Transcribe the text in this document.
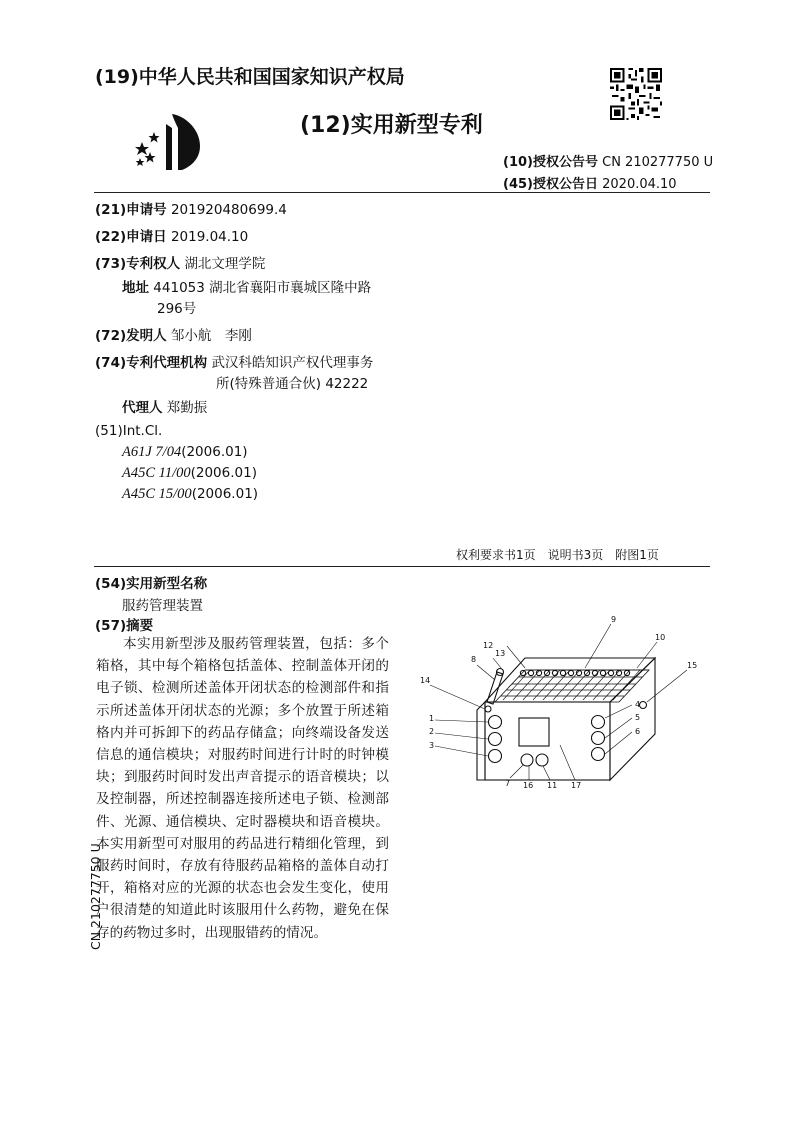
(19)中华人民共和国国家知识产权局
(12)实用新型专利
(10)授权公告号 CN 210277750 U
(45)授权公告日 2020.04.10
(21)申请号 201920480699.4
(22)申请日 2019.04.10
(73)专利权人 湖北文理学院
地址 441053 湖北省襄阳市襄城区隆中路
296号
(72)发明人 邹小航　李刚
(74)专利代理机构 武汉科皓知识产权代理事务
所(特殊普通合伙) 42222
代理人 郑勤振
(51)Int.Cl.
A61J 7/04(2006.01)
A45C 11/00(2006.01)
A45C 15/00(2006.01)
权利要求书1页　说明书3页　附图1页
(54)实用新型名称
服药管理装置
(57)摘要
本实用新型涉及服药管理装置，包括：多个箱格，其中每个箱格包括盖体、控制盖体开闭的电子锁、检测所述盖体开闭状态的检测部件和指示所述盖体开闭状态的光源；多个放置于所述箱格内并可拆卸下的药品存储盒；向终端设备发送信息的通信模块；对服药时间进行计时的时钟模块；到服药时间时发出声音提示的语音模块；以及控制器，所述控制器连接所述电子锁、检测部件、光源、通信模块、定时器模块和语音模块。本实用新型可对服用的药品进行精细化管理，到服药时间时，存放有待服药品箱格的盖体自动打开，箱格对应的光源的状态也会发生变化，使用户很清楚的知道此时该服用什么药物，避免在保存的药物过多时，出现服错药的情况。
1
2
3
4
5
6
7
8
9
10
11
12
13
14
15
16	17
CN 210277750 U
